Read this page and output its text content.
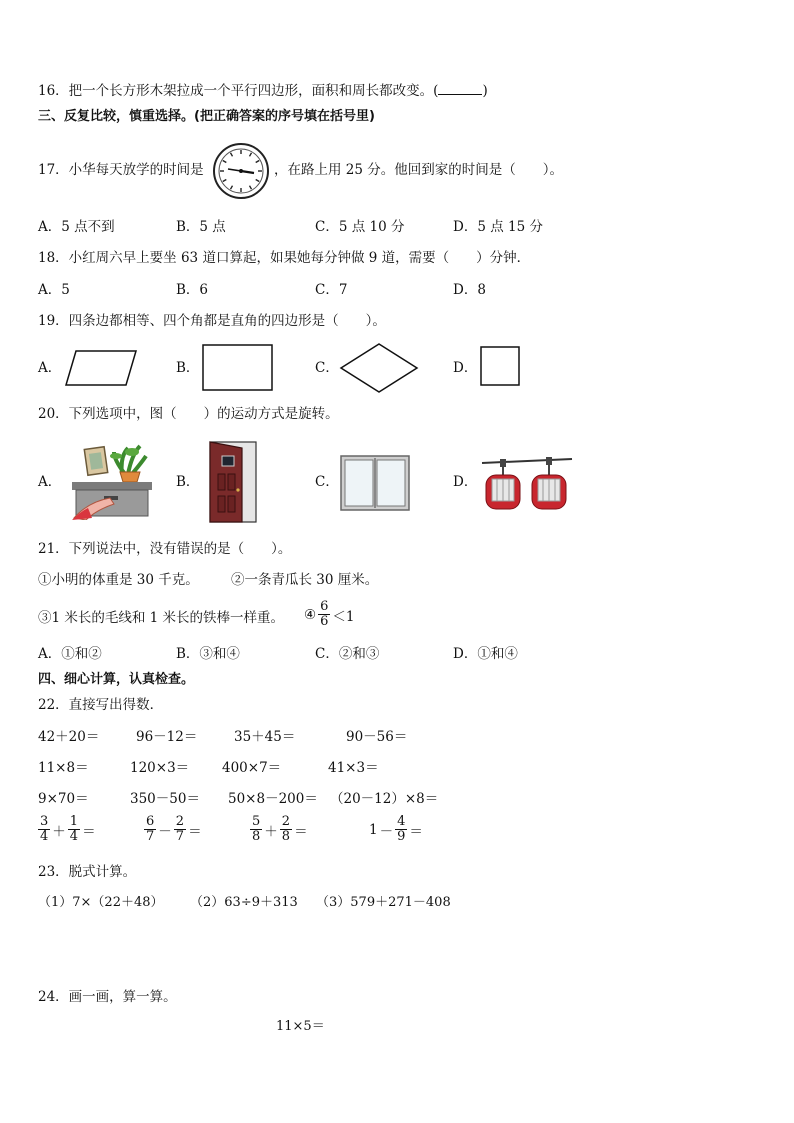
16．把一个长方形木架拉成一个平行四边形，面积和周长都改变。(	)
三、反复比较，慎重选择。(把正确答案的序号填在括号里)
17．小华每天放学的时间是	，在路上用 25 分。他回到家的时间是（　　）。
A．5 点不到	B．5 点	C．5 点 10 分	D．5 点 15 分
18．小红周六早上要坐 63 道口算起，如果她每分钟做 9 道，需要（　　）分钟．
A．5	B．6	C．7	D．8
19．四条边都相等、四个角都是直角的四边形是（　　）。
A．	B．	C．	D．
20．下列选项中，图（　　）的运动方式是旋转。
A．	B．	C．	D．
21．下列说法中，没有错误的是（　　）。
①小明的体重是 30 千克。 ②一条青瓜长 30 厘米。
③1 米长的毛线和 1 米长的铁棒一样重。 ④ $\frac{6}{6} <1$
A．①和②	B．③和④	C．②和③	D．①和④
四、细心计算，认真检查。
22．直接写出得数．
42＋20＝	96－12＝	35＋45＝	90－56＝
11×8＝	120×3＝ 400×7＝	41×3＝
9×70＝	350－50＝ 50×8－200＝ （20－12）×8＝
$\frac{3}{4} + \frac{1}{4}$ ＝	$\frac{6}{7} - \frac{2}{7}$ ＝	$\frac{5}{8} + \frac{2}{8}$ ＝	$1 - \frac{4}{9}$ ＝
23．脱式计算。
（1）7×（22＋48） （2）63÷9＋313 （3）579＋271－408
24．画一画，算一算。
11×5＝
